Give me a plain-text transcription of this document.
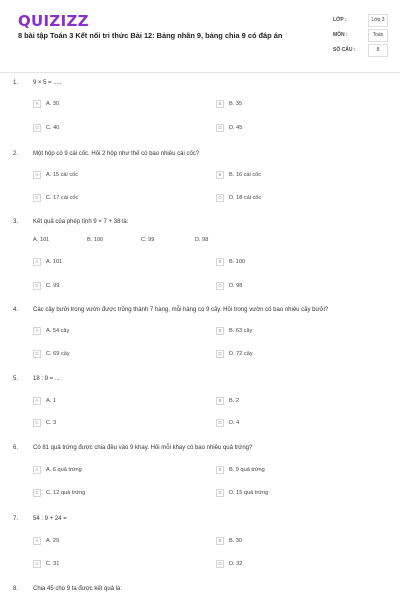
QUIZIZZ
8 bài tập Toán 3 Kết nối tri thức Bài 12: Bảng nhân 9, bảng chia 9 có đáp án
LỚP :	Lớp 3
MÔN :	Toán
SỐ CÂU :	8
1. 9 × 5 = .....
A A. 30	B B. 35
C C. 40	D D. 45
2. Một hộp có 9 cái cốc. Hỏi 2 hộp như thế có bao nhiêu cái cốc?
A A. 15 cái cốc	B B. 16 cái cốc
C C. 17 cái cốc	D D. 18 cái cốc
3. Kết quả của phép tính 9 × 7 + 38 là:
A. 101	B. 100	C. 99	D. 98
A A. 101	B B. 100
C C. 99	D D. 98
4. Các cây bưởi trong vườn được trồng thành 7 hàng, mỗi hàng có 9 cây. Hỏi trong vườn có bao nhiêu cây bưởi?
A A. 54 cây	B B. 63 cây
C C. 69 cây	D D. 72 cây
5. 18 : 9 = ...
A A. 1	B B. 2
C C. 3	D D. 4
6. Có 81 quả trứng được chia đều vào 9 khay. Hỏi mỗi khay có bao nhiêu quả trứng?
A A. 6 quả trứng	B B. 9 quả trứng
C C. 12 quả trứng	D D. 15 quả trứng
7. 54 : 9 + 24 =
A A. 29	B B. 30
C C. 31	D D. 32
8. Chia 45 cho 9 ta được kết quả là:
